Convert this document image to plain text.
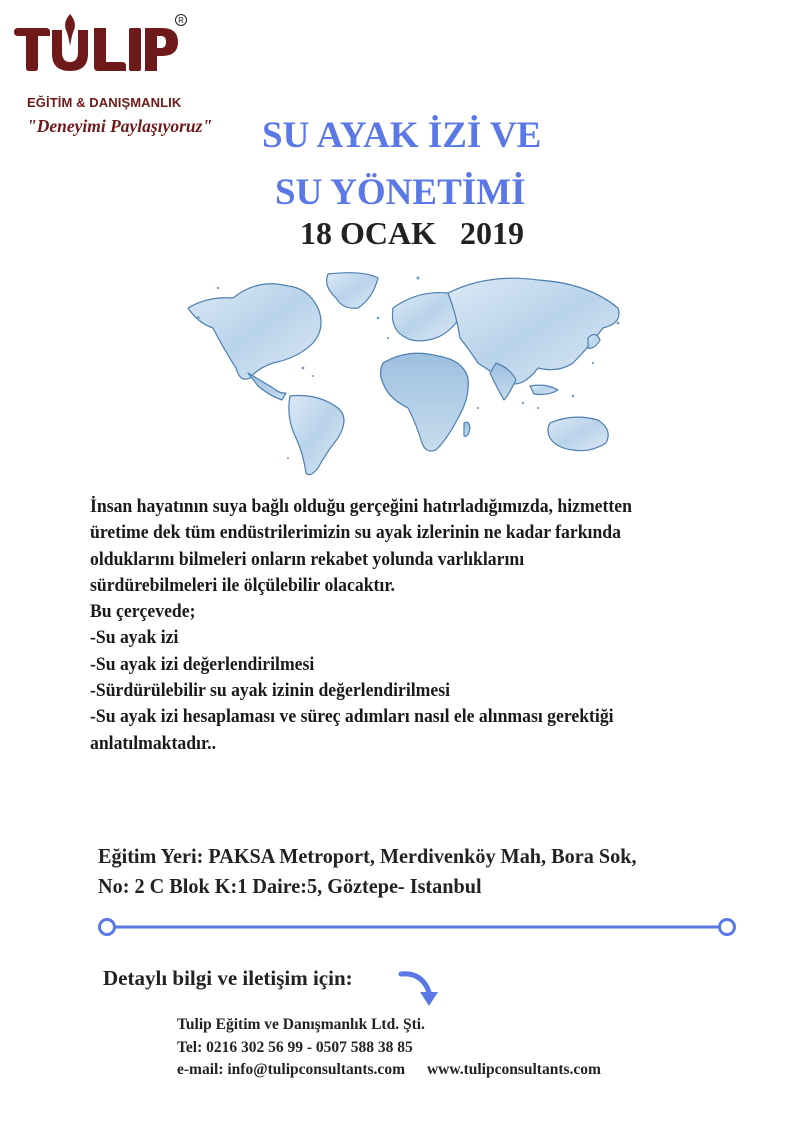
R
EĞİTİM & DANIŞMANLIK
"Deneyimi Paylaşıyoruz" SU AYAK İZİ VE
SU YÖNETİMİ
18 OCAK   2019
İnsan hayatının suya bağlı olduğu gerçeğini hatırladığımızda, hizmetten
üretime dek tüm endüstrilerimizin su ayak izlerinin ne kadar farkında
olduklarını bilmeleri onların rekabet yolunda varlıklarını
sürdürebilmeleri ile ölçülebilir olacaktır.
Bu çerçevede;
-Su ayak izi
-Su ayak izi değerlendirilmesi
-Sürdürülebilir su ayak izinin değerlendirilmesi
-Su ayak izi hesaplaması ve süreç adımları nasıl ele alınması gerektiği
anlatılmaktadır..
Eğitim Yeri: PAKSA Metroport, Merdivenköy Mah, Bora Sok,
No: 2 C Blok K:1 Daire:5, Göztepe- Istanbul
Detaylı bilgi ve iletişim için:
Tulip Eğitim ve Danışmanlık Ltd. Şti.
Tel: 0216 302 56 99 - 0507 588 38 85
e-mail: info@tulipconsultants.com www.tulipconsultants.com
